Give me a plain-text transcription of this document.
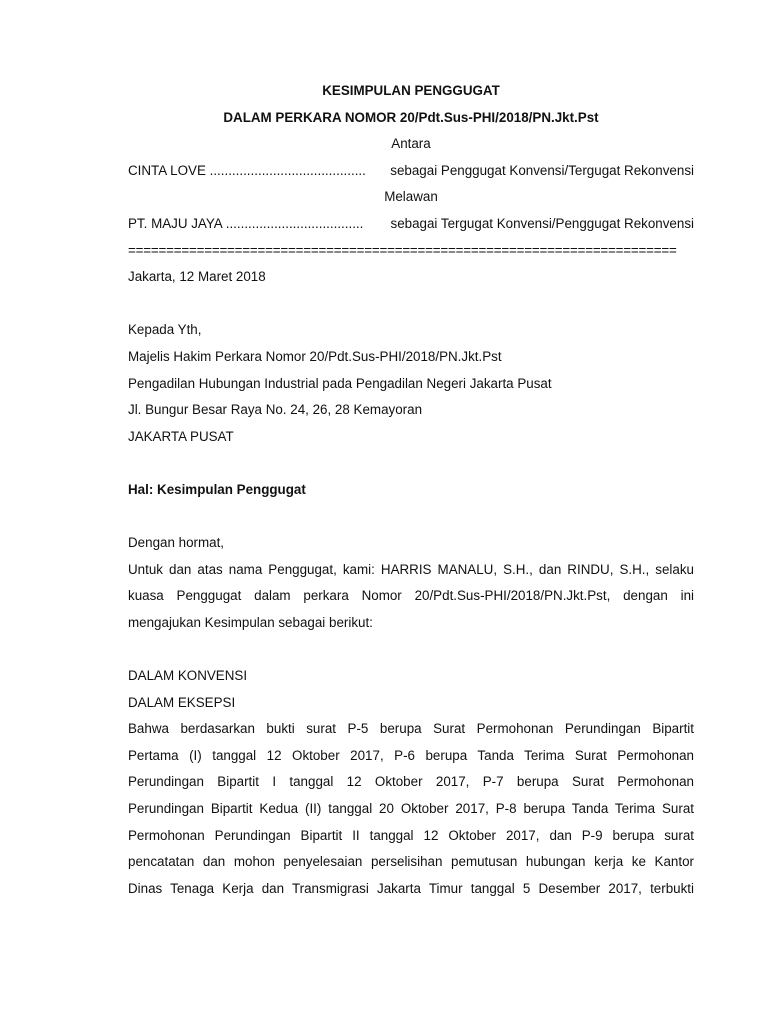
KESIMPULAN PENGGUGAT
DALAM PERKARA NOMOR 20/Pdt.Sus-PHI/2018/PN.Jkt.Pst
Antara
CINTA LOVE .......................................... sebagai Penggugat Konvensi/Tergugat Rekonvensi
Melawan
PT. MAJU JAYA ..................................... sebagai Tergugat Konvensi/Penggugat Rekonvensi
========================================================================
Jakarta, 12 Maret 2018
Kepada Yth,
Majelis Hakim Perkara Nomor 20/Pdt.Sus-PHI/2018/PN.Jkt.Pst
Pengadilan Hubungan Industrial pada Pengadilan Negeri Jakarta Pusat
Jl. Bungur Besar Raya No. 24, 26, 28 Kemayoran
JAKARTA PUSAT
Hal: Kesimpulan Penggugat
Dengan hormat,
Untuk dan atas nama Penggugat, kami: HARRIS MANALU, S.H., dan RINDU, S.H., selaku
kuasa Penggugat dalam perkara Nomor 20/Pdt.Sus-PHI/2018/PN.Jkt.Pst, dengan ini
mengajukan Kesimpulan sebagai berikut:
DALAM KONVENSI
DALAM EKSEPSI
Bahwa berdasarkan bukti surat P-5 berupa Surat Permohonan Perundingan Bipartit
Pertama (I) tanggal 12 Oktober 2017, P-6 berupa Tanda Terima Surat Permohonan
Perundingan Bipartit I tanggal 12 Oktober 2017, P-7 berupa Surat Permohonan
Perundingan Bipartit Kedua (II) tanggal 20 Oktober 2017, P-8 berupa Tanda Terima Surat
Permohonan Perundingan Bipartit II tanggal 12 Oktober 2017, dan P-9 berupa surat
pencatatan dan mohon penyelesaian perselisihan pemutusan hubungan kerja ke Kantor
Dinas Tenaga Kerja dan Transmigrasi Jakarta Timur tanggal 5 Desember 2017, terbukti
